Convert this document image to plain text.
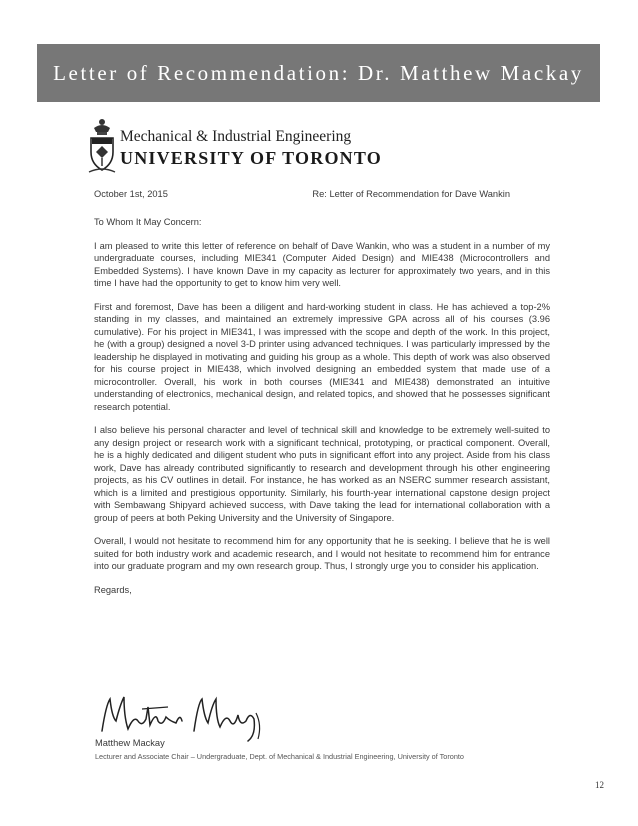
Letter of Recommendation: Dr. Matthew Mackay
Mechanical & Industrial Engineering
UNIVERSITY OF TORONTO
October 1st, 2015	Re: Letter of Recommendation for Dave Wankin
To Whom It May Concern:

I am pleased to write this letter of reference on behalf of Dave Wankin, who was a student in a number of my undergraduate courses, including MIE341 (Computer Aided Design) and MIE438 (Microcontrollers and Embedded Systems). I have known Dave in my capacity as lecturer for approximately two years, and in this time I have had the opportunity to get to know him very well.

First and foremost, Dave has been a diligent and hard-working student in class. He has achieved a top-2% standing in my classes, and maintained an extremely impressive GPA across all of his courses (3.96 cumulative). For his project in MIE341, I was impressed with the scope and depth of the work. In this project, he (with a group) designed a novel 3-D printer using advanced techniques. I was particularly impressed by the leadership he displayed in motivating and guiding his group as a whole. This depth of work was also observed for his course project in MIE438, which involved designing an embedded system that made use of a microcontroller. Overall, his work in both courses (MIE341 and MIE438) demonstrated an intuitive understanding of electronics, mechanical design, and related topics, and showed that he possesses significant research potential.

I also believe his personal character and level of technical skill and knowledge to be extremely well-suited to any design project or research work with a significant technical, prototyping, or practical component. Overall, he is a highly dedicated and diligent student who puts in significant effort into any project. Aside from his class work, Dave has already contributed significantly to research and development through his other engineering projects, as his CV outlines in detail. For instance, he has worked as an NSERC summer research assistant, which is a limited and prestigious opportunity. Similarly, his fourth-year international capstone design project with Sembawang Shipyard achieved success, with Dave taking the lead for international collaboration with a group of peers at both Peking University and the University of Singapore.

Overall, I would not hesitate to recommend him for any opportunity that he is seeking. I believe that he is well suited for both industry work and academic research, and I would not hesitate to recommend him for entrance into our graduate program and my own research group. Thus, I strongly urge you to consider his application.

Regards,
Matthew Mackay
Lecturer and Associate Chair – Undergraduate, Dept. of Mechanical & Industrial Engineering, University of Toronto
12
